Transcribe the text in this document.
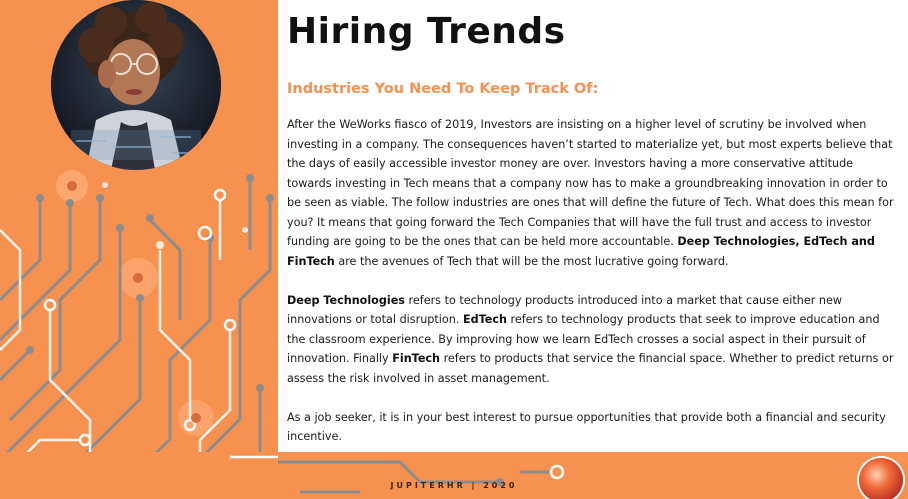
Hiring Trends
Industries You Need To Keep Track Of:

After the WeWorks fiasco of 2019, Investors are insisting on a higher level of scrutiny be involved when investing in a company. The consequences haven’t started to materialize yet, but most experts believe that the days of easily accessible investor money are over. Investors having a more conservative attitude towards investing in Tech means that a company now has to make a groundbreaking innovation in order to be seen as viable. The follow industries are ones that will define the future of Tech. What does this mean for you? It means that going forward the Tech Companies that will have the full trust and access to investor funding are going to be the ones that can be held more accountable. Deep Technologies, EdTech and FinTech are the avenues of Tech that will be the most lucrative going forward.

Deep Technologies refers to technology products introduced into a market that cause either new innovations or total disruption. EdTech refers to technology products that seek to improve education and the classroom experience. By improving how we learn EdTech crosses a social aspect in their pursuit of innovation. Finally FinTech refers to products that service the financial space. Whether to predict returns or assess the risk involved in asset management.

As a job seeker, it is in your best interest to pursue opportunities that provide both a financial and security incentive.

JUPITERHR | 2020
